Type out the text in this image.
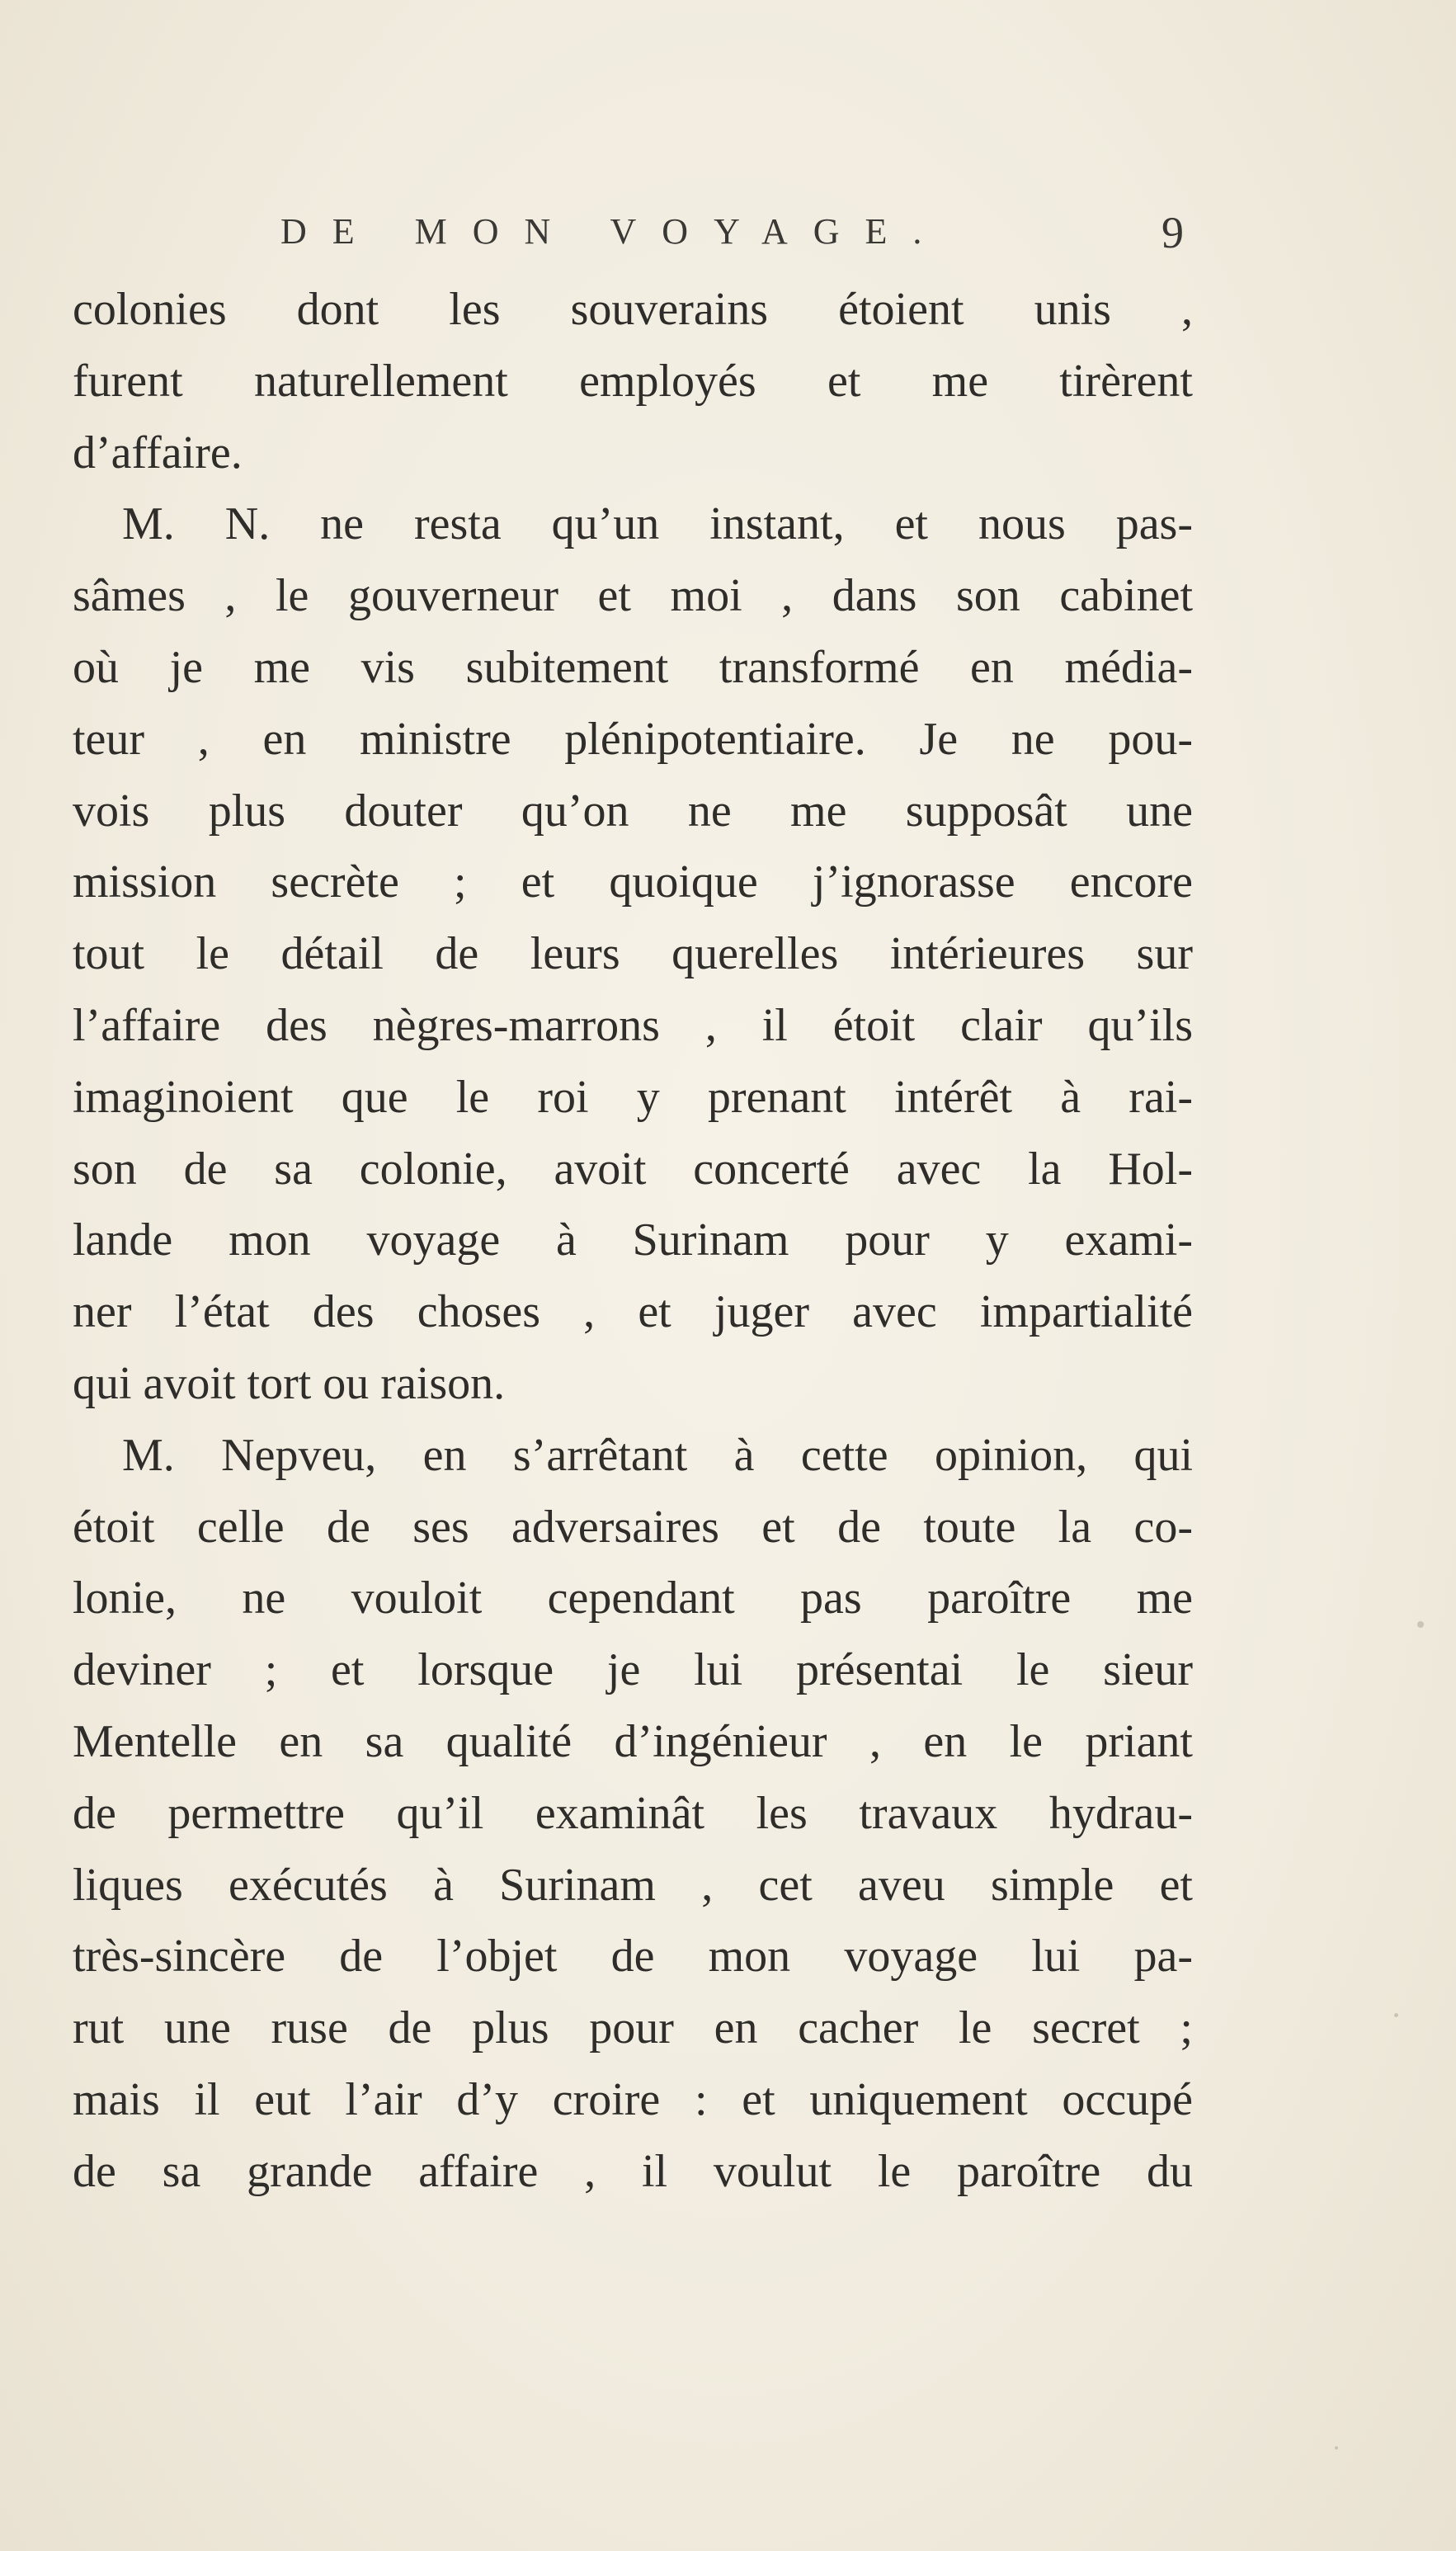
DE MON VOYAGE.	9
colonies dont les souverains étoient unis ,
furent naturellement employés et me tirèrent
d’affaire.
M. N. ne resta qu’un instant, et nous pas-
sâmes , le gouverneur et moi , dans son cabinet
où je me vis subitement transformé en média-
teur , en ministre plénipotentiaire. Je ne pou-
vois plus douter qu’on ne me supposât une
mission secrète ; et quoique j’ignorasse encore
tout le détail de leurs querelles intérieures sur
l’affaire des nègres-marrons , il étoit clair qu’ils
imaginoient que le roi y prenant intérêt à rai-
son de sa colonie, avoit concerté avec la Hol-
lande mon voyage à Surinam pour y exami-
ner l’état des choses , et juger avec impartialité
qui avoit tort ou raison.
M. Nepveu, en s’arrêtant à cette opinion, qui
étoit celle de ses adversaires et de toute la co-
lonie, ne vouloit cependant pas paroître me
deviner ; et lorsque je lui présentai le sieur
Mentelle en sa qualité d’ingénieur , en le priant
de permettre qu’il examinât les travaux hydrau-
liques exécutés à Surinam , cet aveu simple et
très-sincère de l’objet de mon voyage lui pa-
rut une ruse de plus pour en cacher le secret ;
mais il eut l’air d’y croire : et uniquement occupé
de sa grande affaire , il voulut le paroître du
